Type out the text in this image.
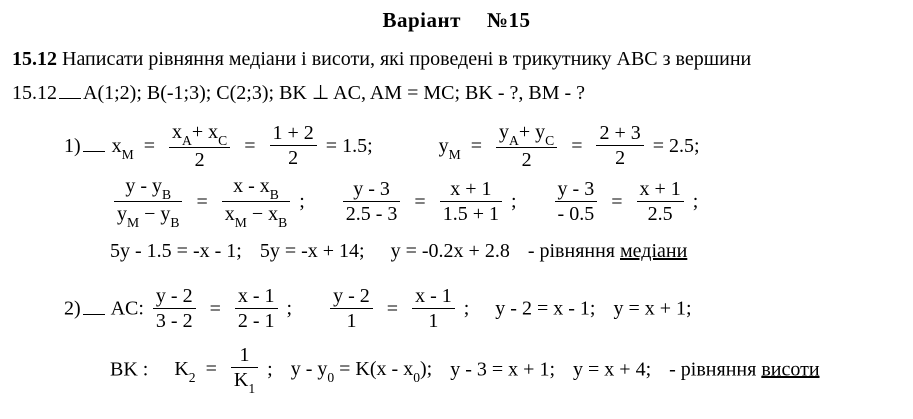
Варіант №15
15.12 Написати рівняння медіани і висоти, які проведені в трикутнику ABC з вершини
15.12 A(1;2); B(-1;3); C(2;3); BK ⊥ AC, AM = MC; BK - ?, BM - ?
1) $x_M = \frac{x_A+ x_C}{2} = \frac{1 + 2}{2} = 1.5$;	$y_M = \frac{y_A+ y_C}{2} = \frac{2 + 3}{2} = 2.5$;
$\frac{y - y_B}{y_M - y_B} = \frac{x - x_B}{x_M - x_B}$ ; $\frac{y - 3}{2.5 - 3} = \frac{x + 1}{1.5 + 1}$ ; $\frac{y - 3}{- 0.5} = \frac{x + 1}{2.5}$ ;
5y - 1.5 = -x - 1; 5y = -x + 14; y = -0.2x + 2.8 - рівняння медіани
2) AC: $\frac{y - 2}{3 - 2} = \frac{x - 1}{2 - 1}$ ; $\frac{y - 2}{1} = \frac{x - 1}{1}$ ; y - 2 = x - 1; y = x + 1;
BK : $K_2 = \frac{1}{K_1}$ ; $y - y_0 = K(x - x_0)$; y - 3 = x + 1; y = x + 4; - рівняння висоти
